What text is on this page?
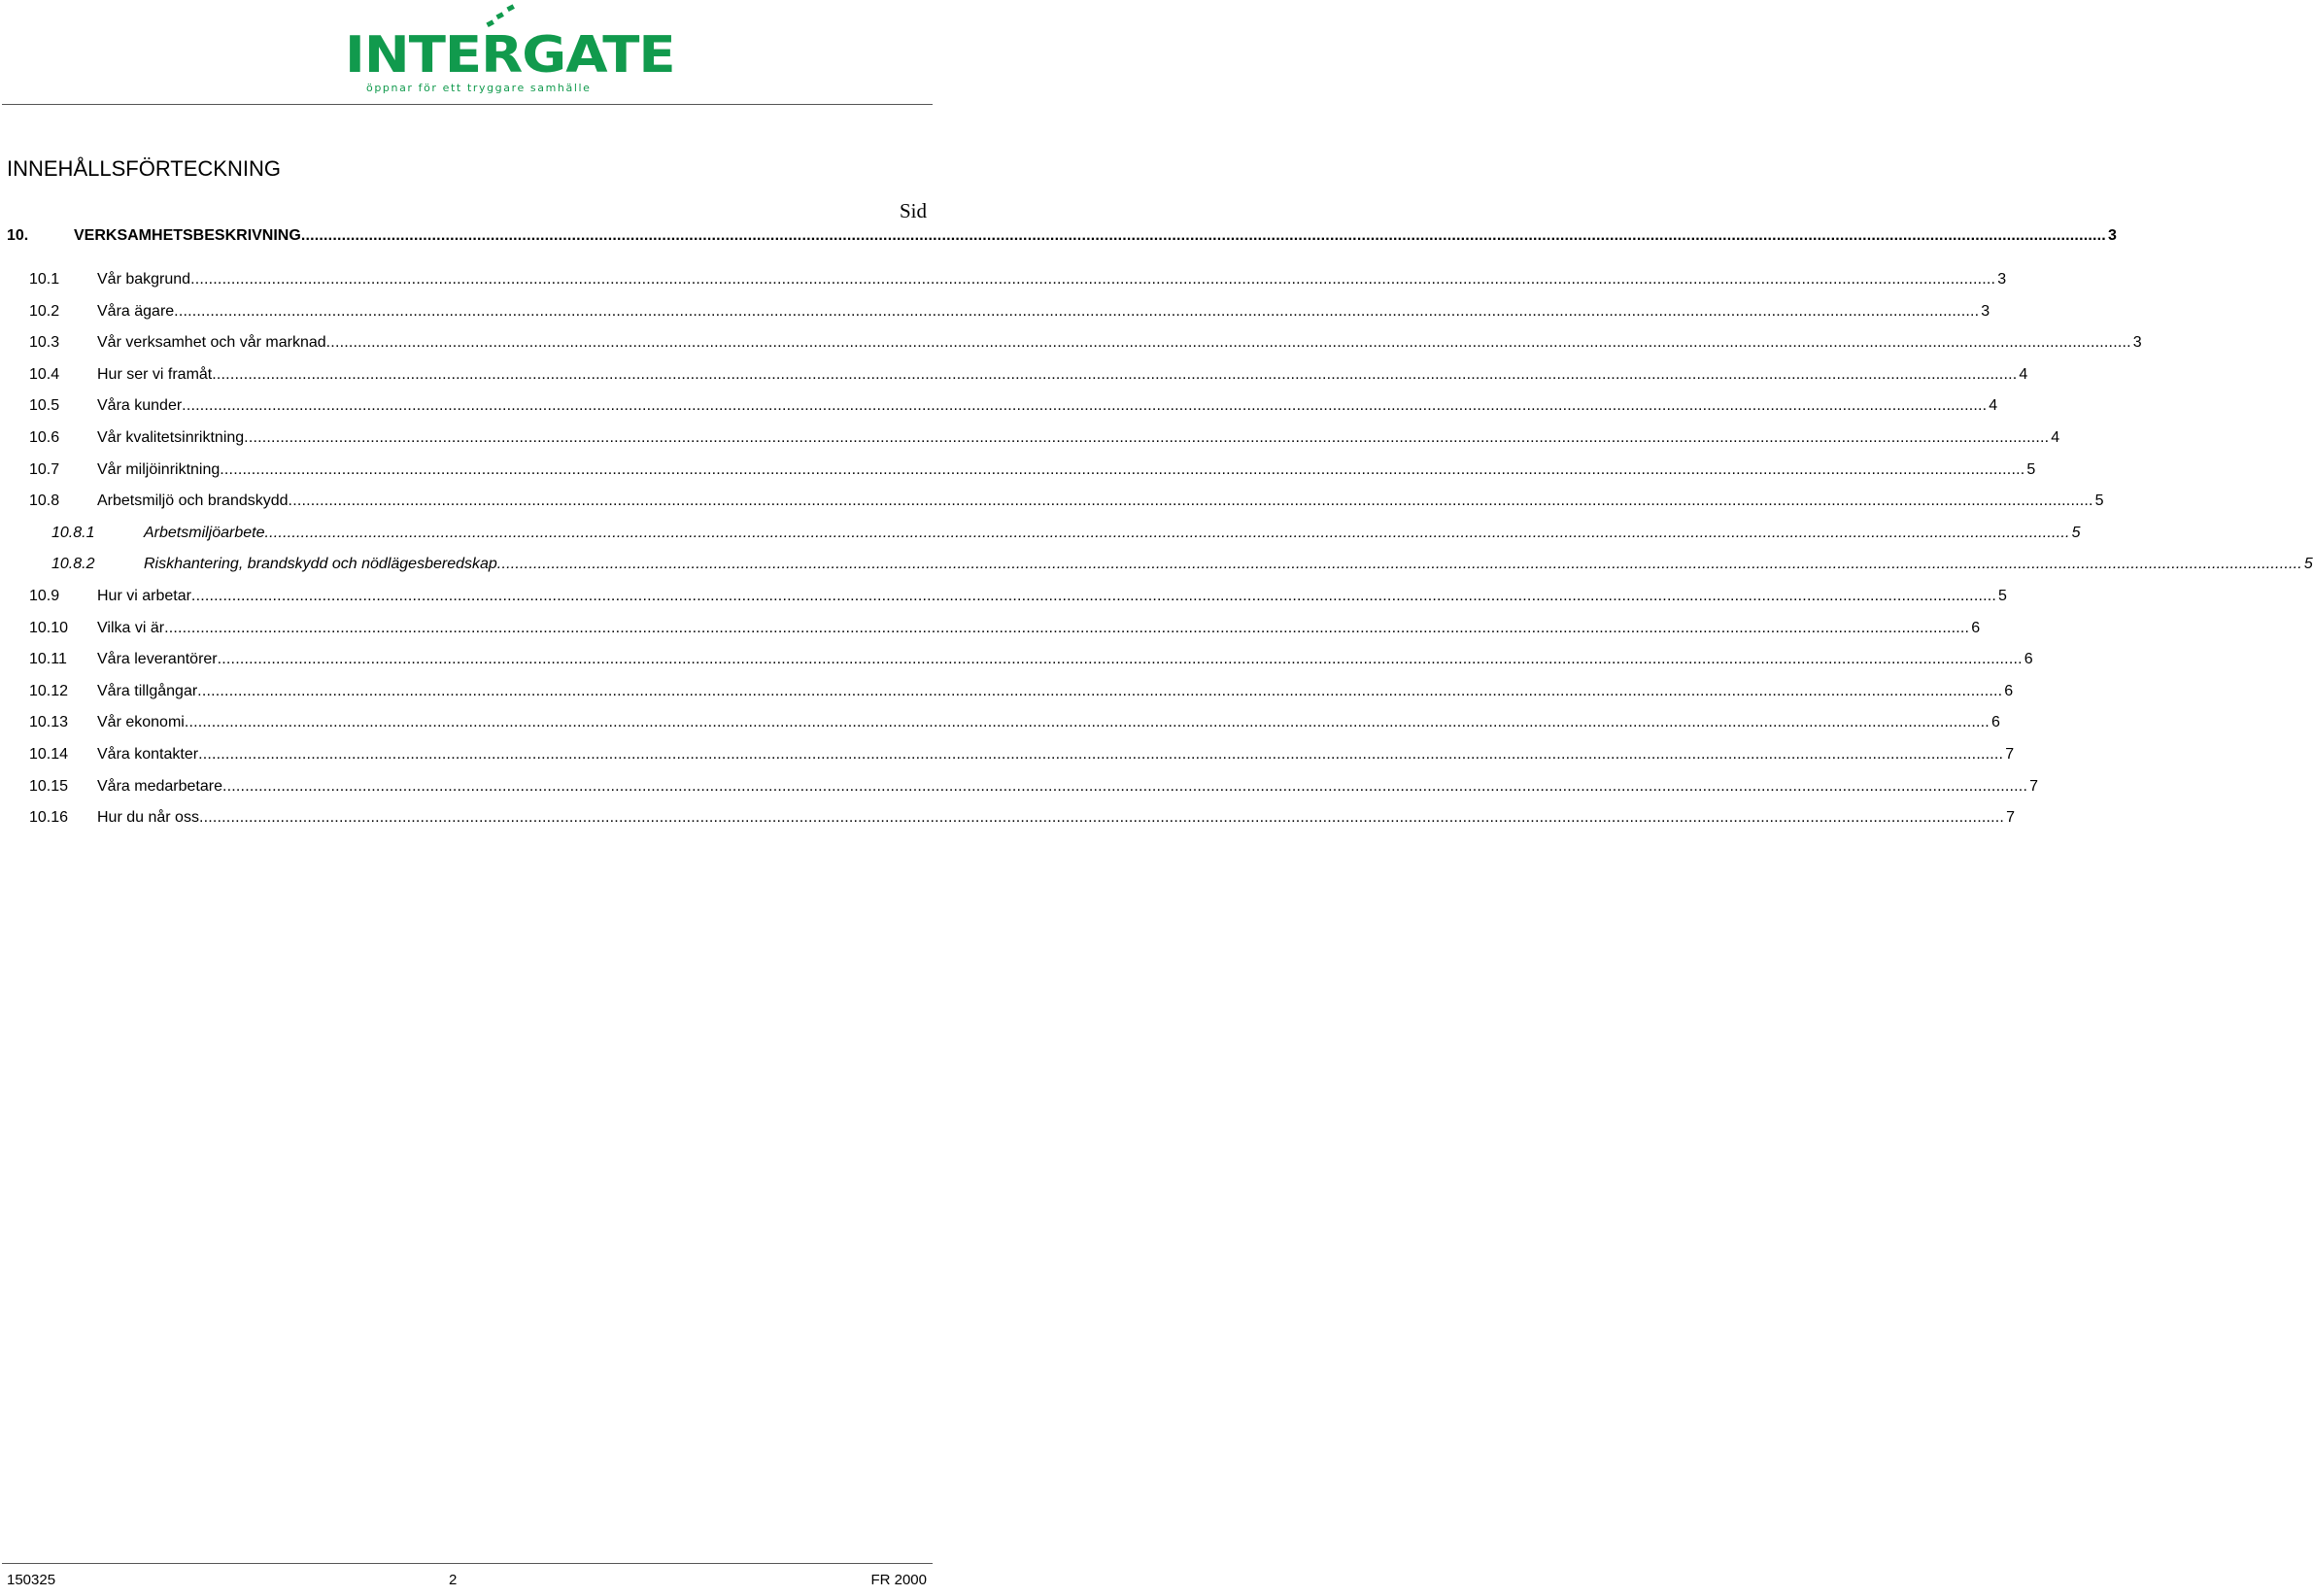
INTERGATE
öppnar för ett tryggare samhälle
INNEHÅLLSFÖRTECKNING
Sid
10.	VERKSAMHETSBESKRIVNING ................................................................................................................................................................................................................................................................................................................................................................................................................ 3
10.1 Vår bakgrund ................................................................................................................................................................................................................................................................................................................................................................................................................ 3
10.2 Våra ägare ................................................................................................................................................................................................................................................................................................................................................................................................................ 3
10.3 Vår verksamhet och vår marknad ................................................................................................................................................................................................................................................................................................................................................................................................................ 3
10.4 Hur ser vi framåt ................................................................................................................................................................................................................................................................................................................................................................................................................ 4
10.5 Våra kunder ................................................................................................................................................................................................................................................................................................................................................................................................................ 4
10.6 Vår kvalitetsinriktning ................................................................................................................................................................................................................................................................................................................................................................................................................ 4
10.7 Vår miljöinriktning ................................................................................................................................................................................................................................................................................................................................................................................................................ 5
10.8 Arbetsmiljö och brandskydd ................................................................................................................................................................................................................................................................................................................................................................................................................ 5
10.8.1	Arbetsmiljöarbete ................................................................................................................................................................................................................................................................................................................................................................................................................ 5
10.8.2	Riskhantering, brandskydd och nödlägesberedskap ................................................................................................................................................................................................................................................................................................................................................................................................................ 5
10.9 Hur vi arbetar ................................................................................................................................................................................................................................................................................................................................................................................................................ 5
10.10 Vilka vi är ................................................................................................................................................................................................................................................................................................................................................................................................................ 6
10.11 Våra leverantörer ................................................................................................................................................................................................................................................................................................................................................................................................................ 6
10.12 Våra tillgångar ................................................................................................................................................................................................................................................................................................................................................................................................................ 6
10.13 Vår ekonomi ................................................................................................................................................................................................................................................................................................................................................................................................................ 6
10.14 Våra kontakter ................................................................................................................................................................................................................................................................................................................................................................................................................ 7
10.15 Våra medarbetare ................................................................................................................................................................................................................................................................................................................................................................................................................ 7
10.16 Hur du når oss ................................................................................................................................................................................................................................................................................................................................................................................................................ 7
150325	2	FR 2000
